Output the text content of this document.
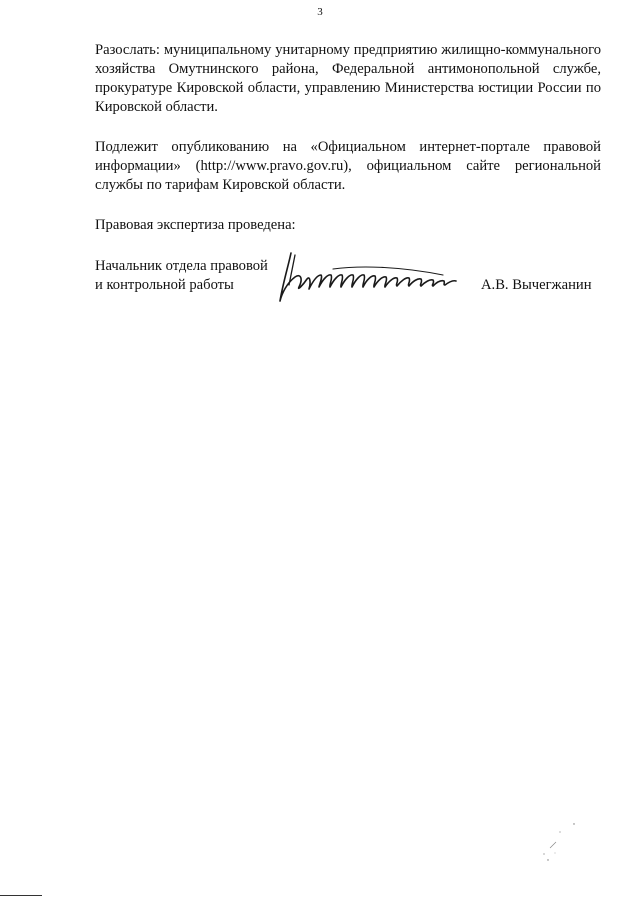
3

Разослать: муниципальному унитарному предприятию жилищно-коммунального хозяйства Омутнинского района, Федеральной антимонопольной службе, прокуратуре Кировской области, управлению Министерства юстиции России по Кировской области.

Подлежит опубликованию на «Официальном интернет-портале правовой информации» (http://www.pravo.gov.ru), официальном сайте региональной службы по тарифам Кировской области.

Правовая экспертиза проведена:

Начальник отдела правовой
и контрольной работы	А.В. Вычегжанин
